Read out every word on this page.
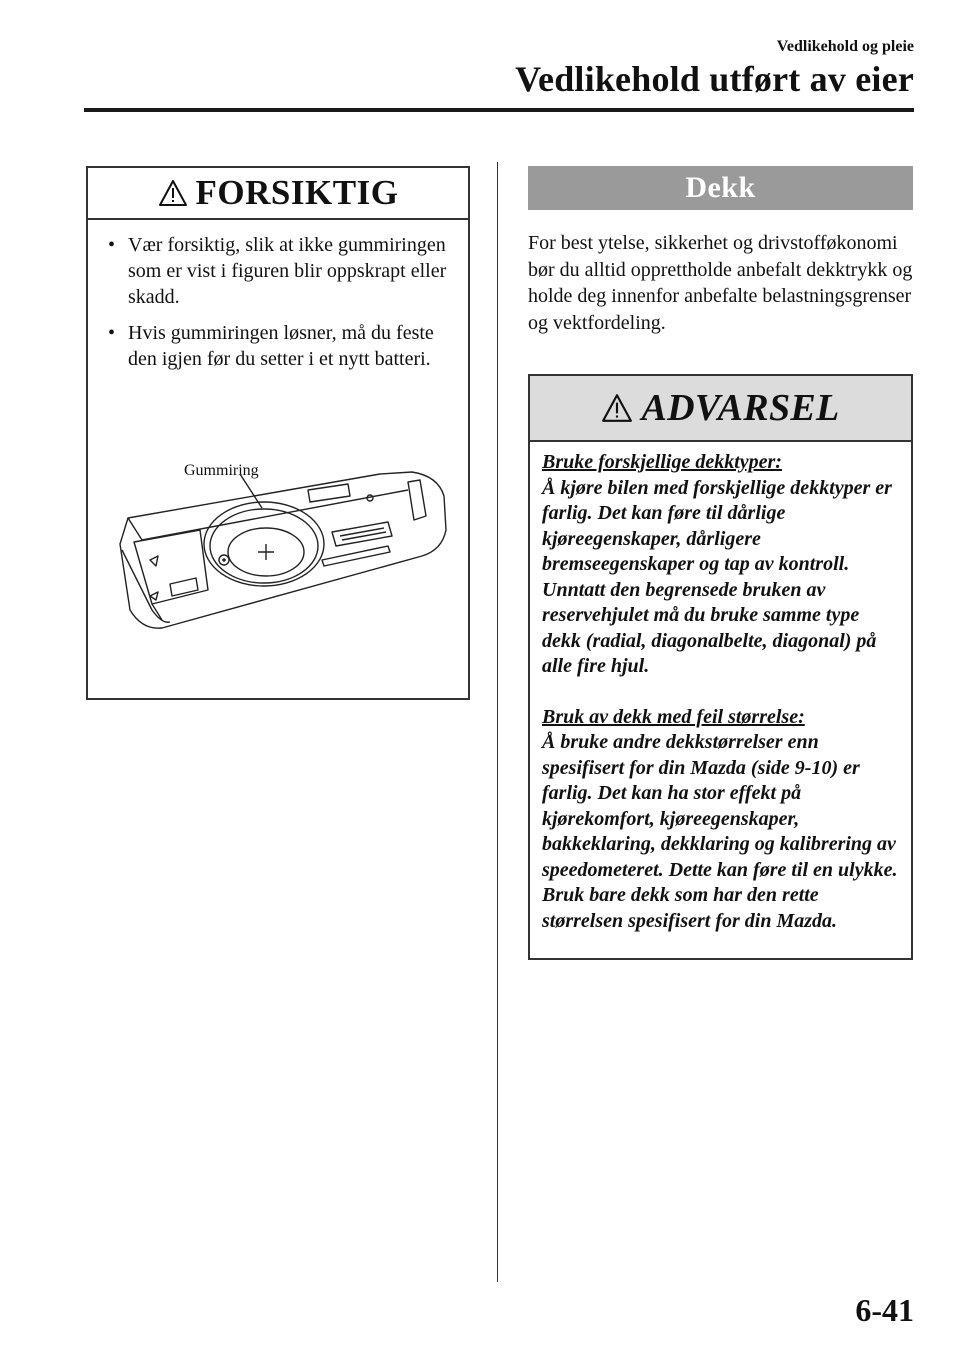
Vedlikehold og pleie
Vedlikehold utført av eier
FORSIKTIG
• Vær forsiktig, slik at ikke gummiringen som er vist i figuren blir oppskrapt eller skadd.
• Hvis gummiringen løsner, må du feste den igjen før du setter i et nytt batteri.
Gummiring
Dekk
For best ytelse, sikkerhet og drivstofføkonomi bør du alltid opprettholde anbefalt dekktrykk og holde deg innenfor anbefalte belastningsgrenser og vektfordeling.
ADVARSEL

Bruke forskjellige dekktyper:
Å kjøre bilen med forskjellige dekktyper er farlig. Det kan føre til dårlige kjøreegenskaper, dårligere bremseegenskaper og tap av kontroll. Unntatt den begrensede bruken av reservehjulet må du bruke samme type dekk (radial, diagonalbelte, diagonal) på alle fire hjul.

Bruk av dekk med feil størrelse:
Å bruke andre dekkstørrelser enn spesifisert for din Mazda (side 9-10) er farlig. Det kan ha stor effekt på kjørekomfort, kjøreegenskaper, bakkeklaring, dekklaring og kalibrering av speedometeret. Dette kan føre til en ulykke. Bruk bare dekk som har den rette størrelsen spesifisert for din Mazda.

6-41
